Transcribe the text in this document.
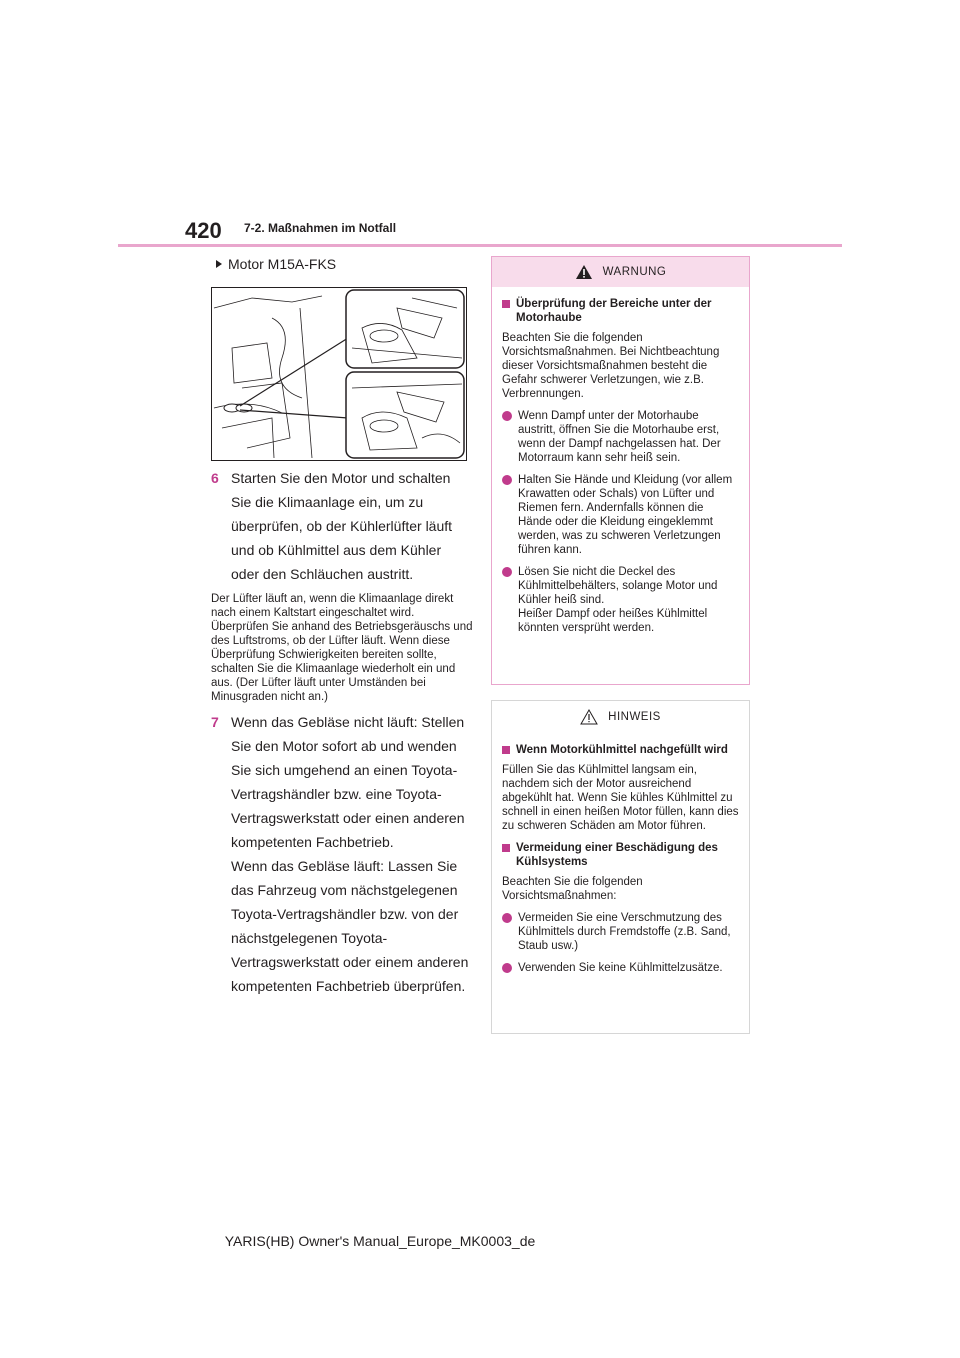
420 7-2. Maßnahmen im Notfall
Motor M15A-FKS
6 Starten Sie den Motor und schalten Sie die Klimaanlage ein, um zu überprüfen, ob der Kühlerlüfter läuft und ob Kühlmittel aus dem Kühler oder den Schläuchen austritt.
Der Lüfter läuft an, wenn die Klimaanlage direkt nach einem Kaltstart eingeschaltet wird. Überprüfen Sie anhand des Betriebsgeräuschs und des Luftstroms, ob der Lüfter läuft. Wenn diese Überprüfung Schwierigkeiten bereiten sollte, schalten Sie die Klimaanlage wiederholt ein und aus. (Der Lüfter läuft unter Umständen bei Minusgraden nicht an.)
7 Wenn das Gebläse nicht läuft: Stellen Sie den Motor sofort ab und wenden Sie sich umgehend an einen Toyota-Vertragshändler bzw. eine Toyota-Vertragswerkstatt oder einen anderen kompetenten Fachbetrieb.
Wenn das Gebläse läuft: Lassen Sie das Fahrzeug vom nächstgelegenen Toyota-Vertragshändler bzw. von der nächstgelegenen Toyota-Vertragswerkstatt oder einem anderen kompetenten Fachbetrieb überprüfen.
WARNUNG
Überprüfung der Bereiche unter der Motorhaube
Beachten Sie die folgenden Vorsichtsmaßnahmen. Bei Nichtbeachtung dieser Vorsichtsmaßnahmen besteht die Gefahr schwerer Verletzungen, wie z.B. Verbrennungen.
Wenn Dampf unter der Motorhaube austritt, öffnen Sie die Motorhaube erst, wenn der Dampf nachgelassen hat. Der Motorraum kann sehr heiß sein.
Halten Sie Hände und Kleidung (vor allem Krawatten oder Schals) von Lüfter und Riemen fern. Andernfalls können die Hände oder die Kleidung eingeklemmt werden, was zu schweren Verletzungen führen kann.
Lösen Sie nicht die Deckel des Kühlmittelbehälters, solange Motor und Kühler heiß sind.
Heißer Dampf oder heißes Kühlmittel könnten versprüht werden.
HINWEIS
Wenn Motorkühlmittel nachgefüllt wird
Füllen Sie das Kühlmittel langsam ein, nachdem sich der Motor ausreichend abgekühlt hat. Wenn Sie kühles Kühlmittel zu schnell in einen heißen Motor füllen, kann dies zu schweren Schäden am Motor führen.
Vermeidung einer Beschädigung des Kühlsystems
Beachten Sie die folgenden Vorsichtsmaßnahmen:
Vermeiden Sie eine Verschmutzung des Kühlmittels durch Fremdstoffe (z.B. Sand, Staub usw.)
Verwenden Sie keine Kühlmittelzusätze.
YARIS(HB) Owner's Manual_Europe_MK0003_de
